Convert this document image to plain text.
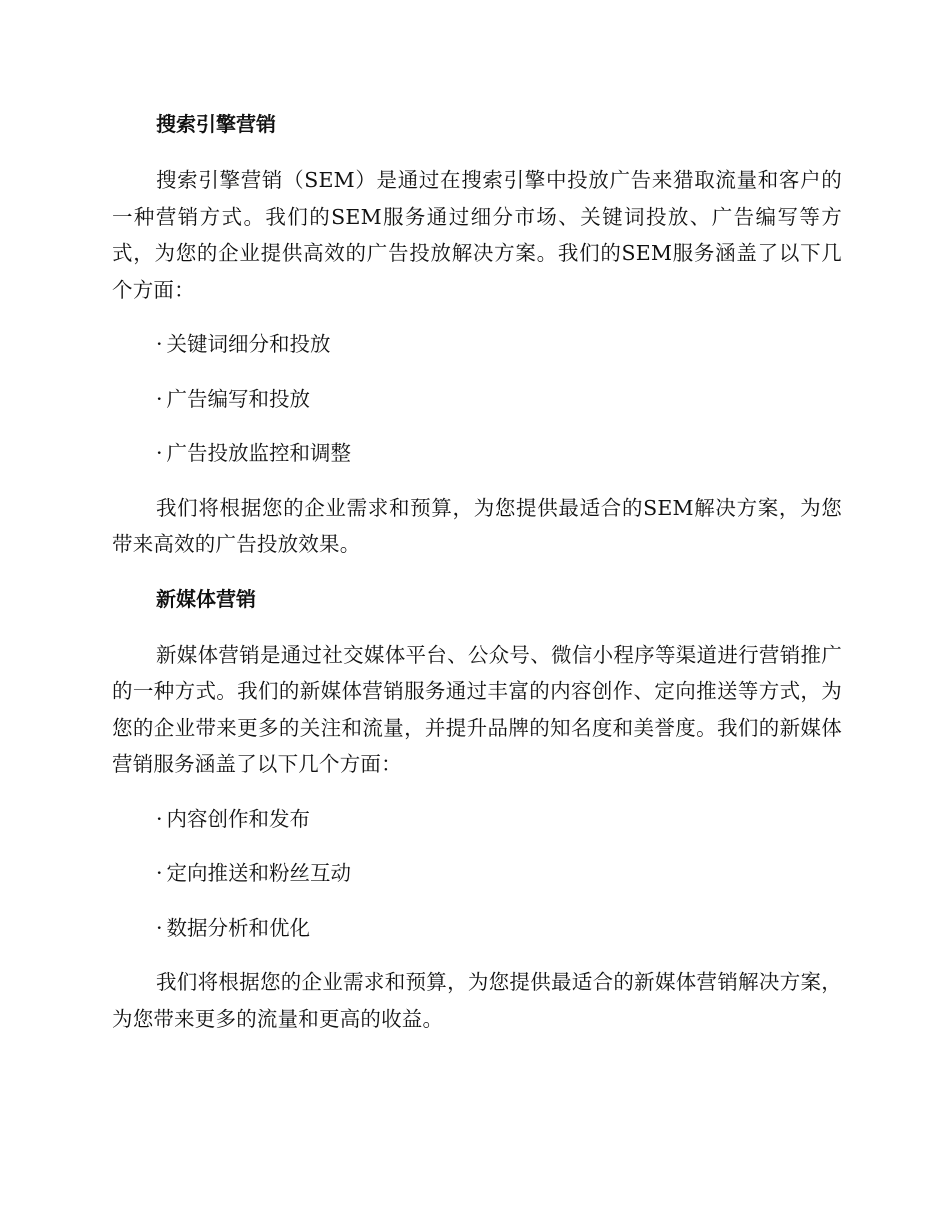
搜索引擎营销

搜索引擎营销（SEM）是通过在搜索引擎中投放广告来猎取流量和客户的一种营销方式。我们的SEM服务通过细分市场、关键词投放、广告编写等方式，为您的企业提供高效的广告投放解决方案。我们的SEM服务涵盖了以下几个方面：

· 关键词细分和投放
· 广告编写和投放
· 广告投放监控和调整

我们将根据您的企业需求和预算，为您提供最适合的SEM解决方案，为您带来高效的广告投放效果。

新媒体营销

新媒体营销是通过社交媒体平台、公众号、微信小程序等渠道进行营销推广的一种方式。我们的新媒体营销服务通过丰富的内容创作、定向推送等方式，为您的企业带来更多的关注和流量，并提升品牌的知名度和美誉度。我们的新媒体营销服务涵盖了以下几个方面：

· 内容创作和发布
· 定向推送和粉丝互动
· 数据分析和优化

我们将根据您的企业需求和预算，为您提供最适合的新媒体营销解决方案，为您带来更多的流量和更高的收益。
